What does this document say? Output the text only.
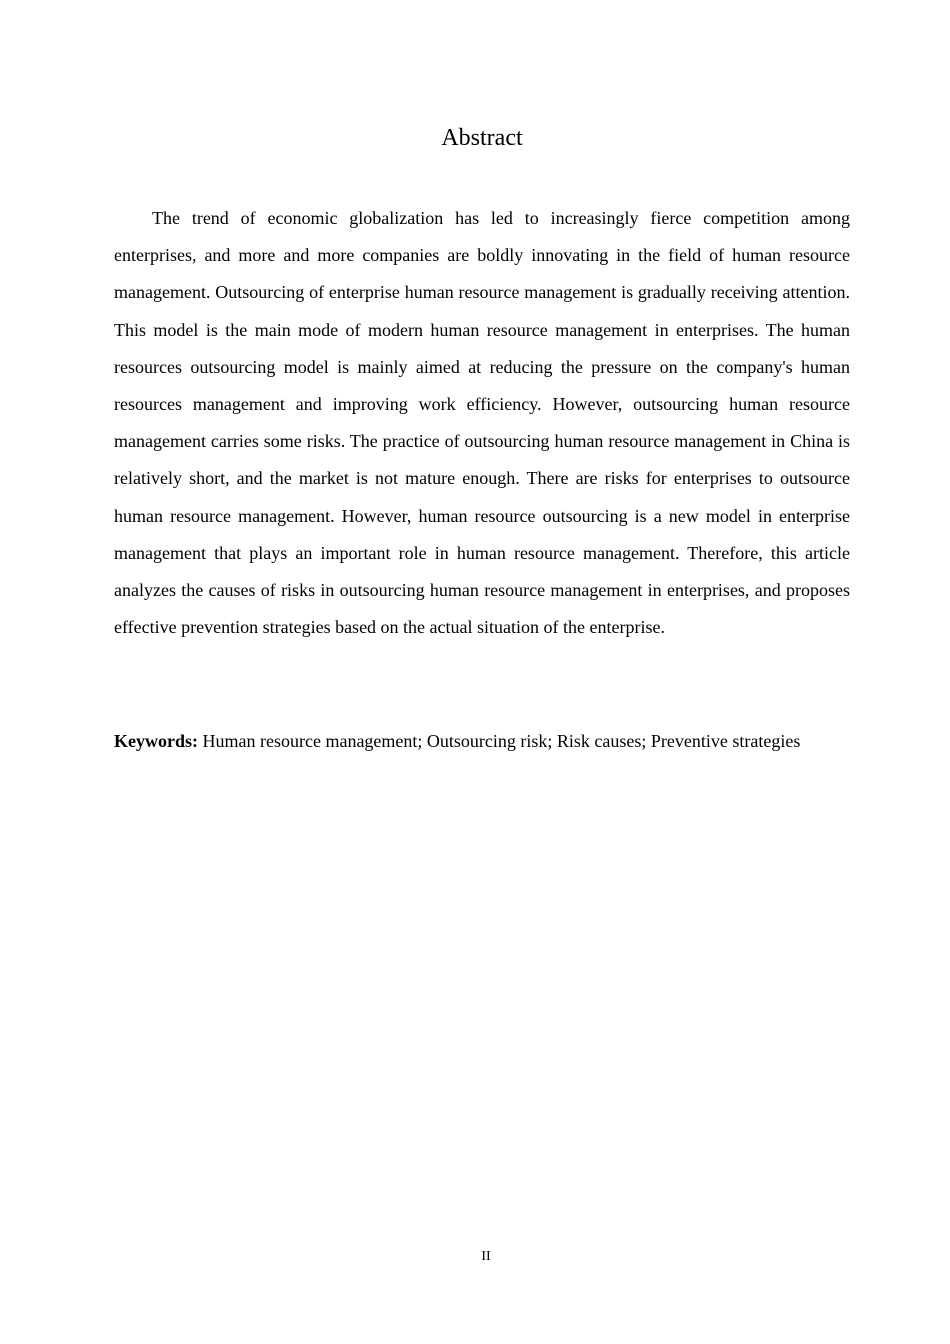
Abstract

The trend of economic globalization has led to increasingly fierce competition among enterprises, and more and more companies are boldly innovating in the field of human resource management. Outsourcing of enterprise human resource management is gradually receiving attention. This model is the main mode of modern human resource management in enterprises. The human resources outsourcing model is mainly aimed at reducing the pressure on the company's human resources management and improving work efficiency. However, outsourcing human resource management carries some risks. The practice of outsourcing human resource management in China is relatively short, and the market is not mature enough. There are risks for enterprises to outsource human resource management. However, human resource outsourcing is a new model in enterprise management that plays an important role in human resource management. Therefore, this article analyzes the causes of risks in outsourcing human resource management in enterprises, and proposes effective prevention strategies based on the actual situation of the enterprise.

Keywords: Human resource management; Outsourcing risk; Risk causes; Preventive strategies

II
